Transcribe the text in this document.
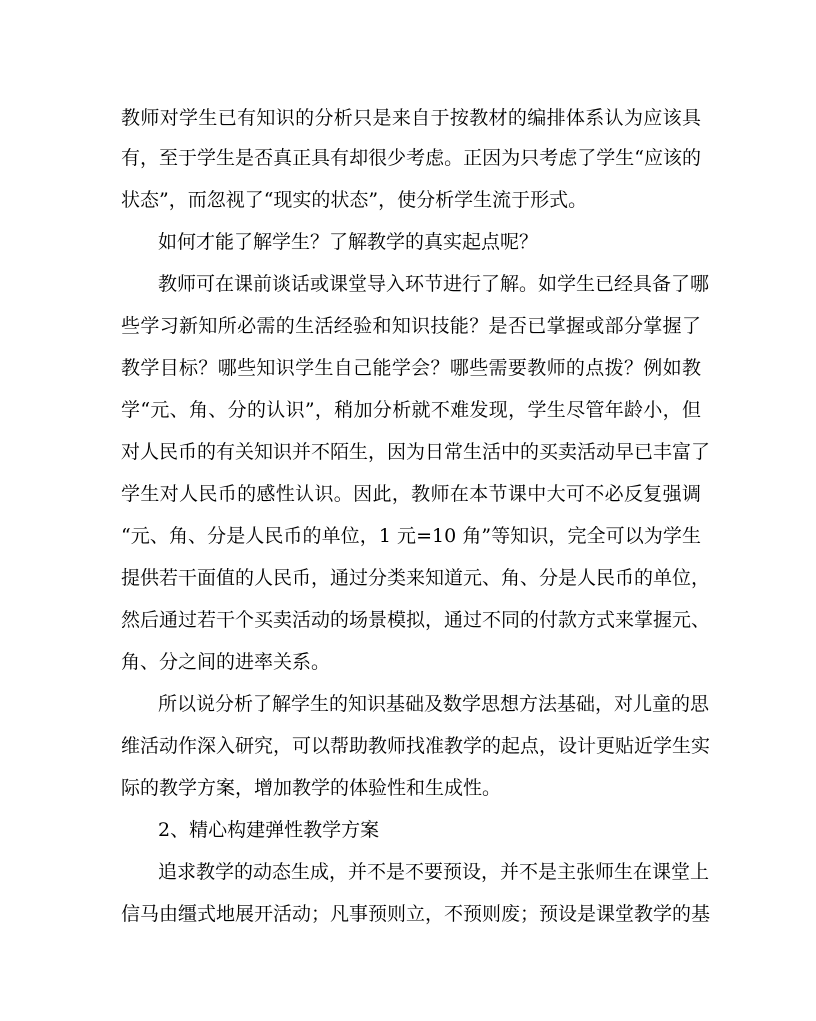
教师对学生已有知识的分析只是来自于按教材的编排体系认为应该具
有，至于学生是否真正具有却很少考虑。正因为只考虑了学生“应该的
状态”，而忽视了“现实的状态”，使分析学生流于形式。
如何才能了解学生？了解教学的真实起点呢？
教师可在课前谈话或课堂导入环节进行了解。如学生已经具备了哪
些学习新知所必需的生活经验和知识技能？是否已掌握或部分掌握了
教学目标？哪些知识学生自己能学会？哪些需要教师的点拨？例如教
学“元、角、分的认识”，稍加分析就不难发现，学生尽管年龄小，但
对人民币的有关知识并不陌生，因为日常生活中的买卖活动早已丰富了
学生对人民币的感性认识。因此，教师在本节课中大可不必反复强调
“元、角、分是人民币的单位，1 元=10 角”等知识，完全可以为学生
提供若干面值的人民币，通过分类来知道元、角、分是人民币的单位，
然后通过若干个买卖活动的场景模拟，通过不同的付款方式来掌握元、
角、分之间的进率关系。
所以说分析了解学生的知识基础及数学思想方法基础，对儿童的思
维活动作深入研究，可以帮助教师找准教学的起点，设计更贴近学生实
际的教学方案，增加教学的体验性和生成性。
2、精心构建弹性教学方案
追求教学的动态生成，并不是不要预设，并不是主张师生在课堂上
信马由缰式地展开活动；凡事预则立，不预则废；预设是课堂教学的基
